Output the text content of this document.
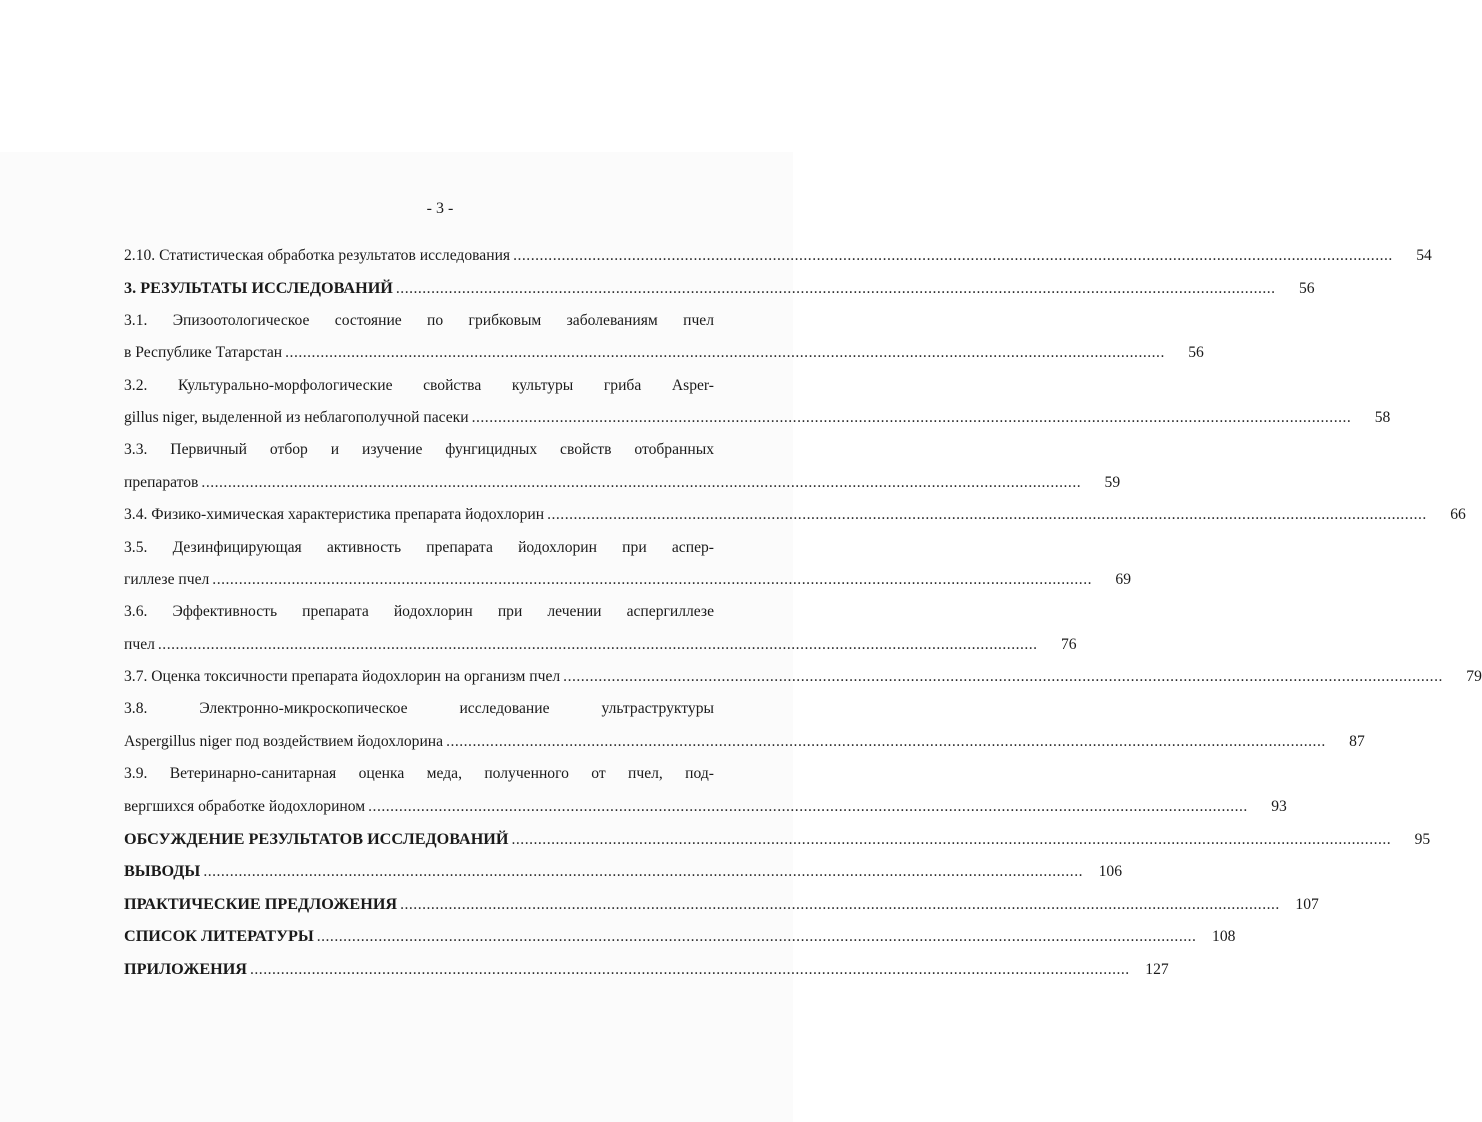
- 3 -
2.10. Статистическая обработка результатов исследования .....	54
3. РЕЗУЛЬТАТЫ ИССЛЕДОВАНИЙ .....	56
3.1. Эпизоотологическое состояние по грибковым заболеваниям пчел
в Республике Татарстан .....	56
3.2. Культурально-морфологические свойства культуры гриба Asper-
gillus niger, выделенной из неблагополучной пасеки .....	58
3.3. Первичный отбор и изучение фунгицидных свойств отобранных
препаратов .....	59
3.4. Физико-химическая характеристика препарата йодохлорин .....	66
3.5. Дезинфицирующая активность препарата йодохлорин при аспер-
гиллезе пчел .....	69
3.6. Эффективность препарата йодохлорин при лечении аспергиллезе
пчел .....	76
3.7. Оценка токсичности препарата йодохлорин на организм пчел .....	79
3.8. Электронно-микроскопическое исследование ультраструктуры
Aspergillus niger под воздействием йодохлорина .....	87
3.9. Ветеринарно-санитарная оценка меда, полученного от пчел, под-
вергшихся обработке йодохлорином .....	93
ОБСУЖДЕНИЕ РЕЗУЛЬТАТОВ ИССЛЕДОВАНИЙ .....	95
ВЫВОДЫ .....	106
ПРАКТИЧЕСКИЕ ПРЕДЛОЖЕНИЯ .....	107
СПИСОК ЛИТЕРАТУРЫ .....	108
ПРИЛОЖЕНИЯ .....	127
